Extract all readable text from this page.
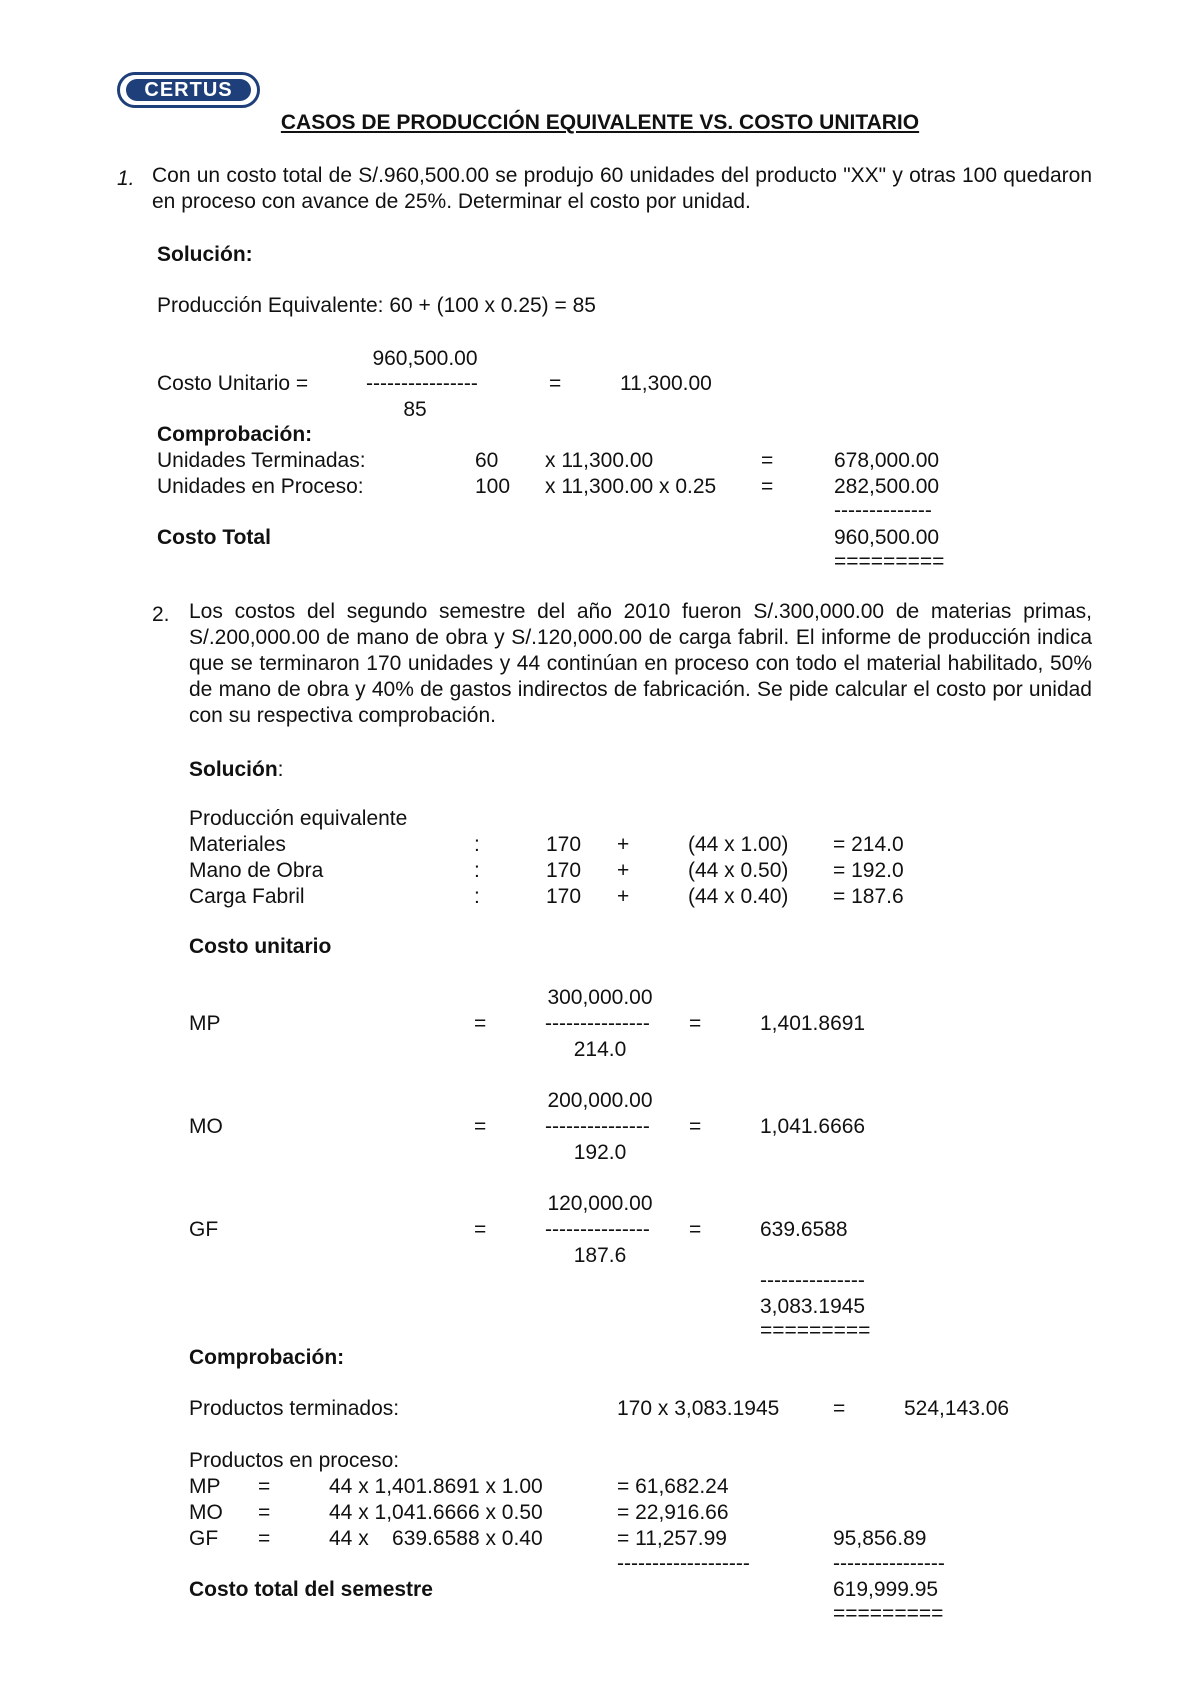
CERTUS
CASOS DE PRODUCCIÓN EQUIVALENTE VS. COSTO UNITARIO
1. Con un costo total de S/.960,500.00 se produjo 60 unidades del producto "XX" y otras 100 quedaron en proceso con avance de 25%. Determinar el costo por unidad.
Solución:
Producción Equivalente: 60 + (100 x 0.25) = 85
960,500.00
Costo Unitario =	----------------	=	11,300.00
85
Comprobación:
Unidades Terminadas:	60 x 11,300.00	=	678,000.00
Unidades en Proceso:	100 x 11,300.00 x 0.25 =	282,500.00
--------------
Costo Total	960,500.00
=========
2. Los costos del segundo semestre del año 2010 fueron S/.300,000.00 de materias primas, S/.200,000.00 de mano de obra y S/.120,000.00 de carga fabril. El informe de producción indica que se terminaron 170 unidades y 44 continúan en proceso con todo el material habilitado, 50% de mano de obra y 40% de gastos indirectos de fabricación. Se pide calcular el costo por unidad con su respectiva comprobación.
Solución:
Producción equivalente
Materiales	:	170 +	(44 x 1.00) = 214.0
Mano de Obra	:	170 +	(44 x 0.50) = 192.0
Carga Fabril	:	170 +	(44 x 0.40) = 187.6
Costo unitario
300,000.00
MP	=	--------------- =	1,401.8691
214.0
200,000.00
MO	=	--------------- =	1,041.6666
192.0
120,000.00
GF	=	--------------- =	639.6588
187.6
---------------
3,083.1945
=========
Comprobación:
Productos terminados:	170 x 3,083.1945	=	524,143.06
Productos en proceso:
MP =	44 x 1,401.8691 x 1.00	= 61,682.24
MO =	44 x 1,041.6666 x 0.50	= 22,916.66
GF =	44 x    639.6588 x 0.40	= 11,257.99	95,856.89
-------------------	----------------
Costo total del semestre	619,999.95
=========
